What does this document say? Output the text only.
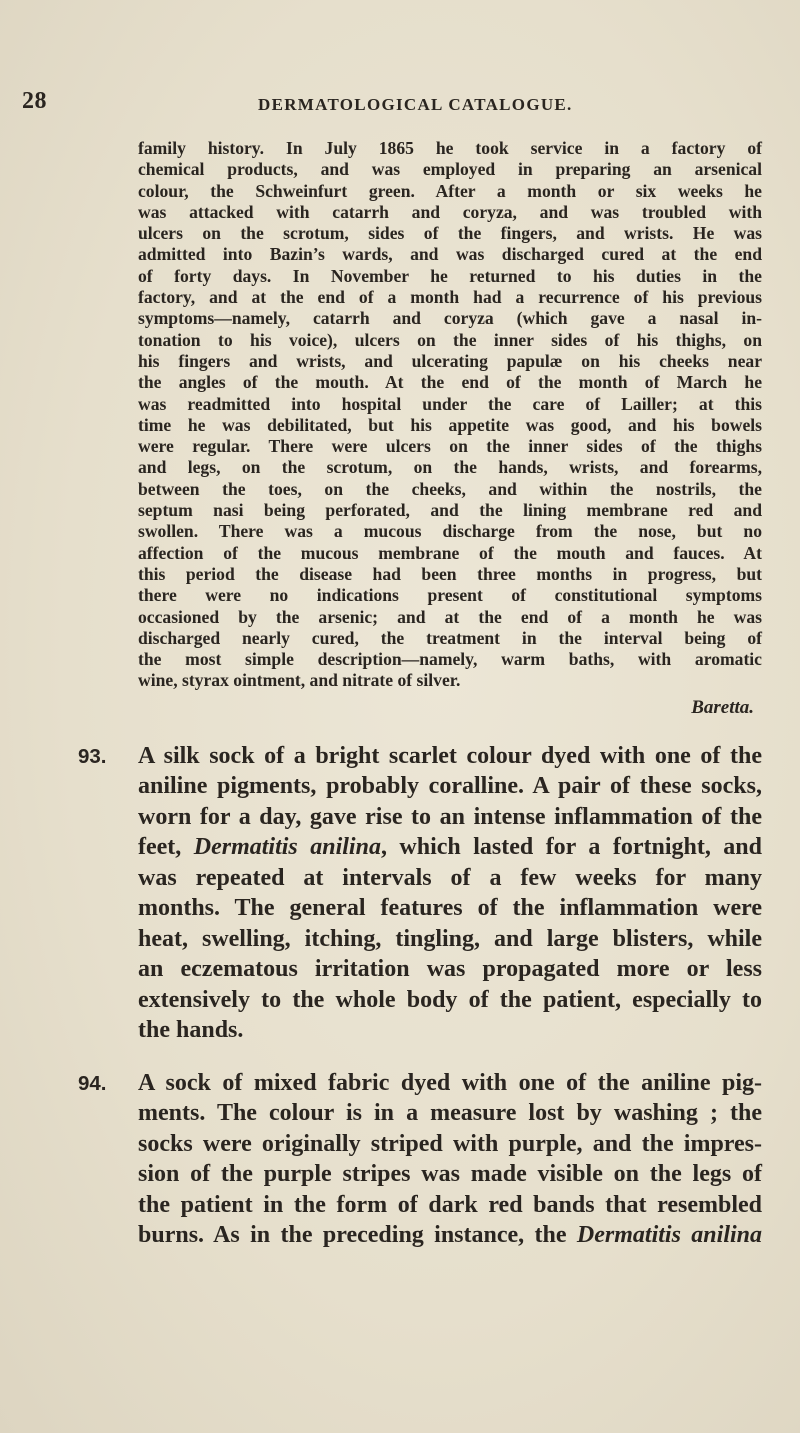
28	DERMATOLOGICAL CATALOGUE.

family history. In July 1865 he took service in a factory of
chemical products, and was employed in preparing an arsenical
colour, the Schweinfurt green. After a month or six weeks he
was attacked with catarrh and coryza, and was troubled with
ulcers on the scrotum, sides of the fingers, and wrists. He was
admitted into Bazin’s wards, and was discharged cured at the end
of forty days. In November he returned to his duties in the
factory, and at the end of a month had a recurrence of his previous
symptoms—namely, catarrh and coryza (which gave a nasal in-
tonation to his voice), ulcers on the inner sides of his thighs, on
his fingers and wrists, and ulcerating papulæ on his cheeks near
the angles of the mouth. At the end of the month of March he
was readmitted into hospital under the care of Lailler; at this
time he was debilitated, but his appetite was good, and his bowels
were regular. There were ulcers on the inner sides of the thighs
and legs, on the scrotum, on the hands, wrists, and forearms,
between the toes, on the cheeks, and within the nostrils, the
septum nasi being perforated, and the lining membrane red and
swollen. There was a mucous discharge from the nose, but no
affection of the mucous membrane of the mouth and fauces. At
this period the disease had been three months in progress, but
there were no indications present of constitutional symptoms
occasioned by the arsenic; and at the end of a month he was
discharged nearly cured, the treatment in the interval being of
the most simple description—namely, warm baths, with aromatic
wine, styrax ointment, and nitrate of silver.

Baretta.
93. A silk sock of a bright scarlet colour dyed with one of the
aniline pigments, probably coralline. A pair of these socks,
worn for a day, gave rise to an intense inflammation of the
feet, Dermatitis anilina, which lasted for a fortnight, and
was repeated at intervals of a few weeks for many
months. The general features of the inflammation were
heat, swelling, itching, tingling, and large blisters, while
an eczematous irritation was propagated more or less
extensively to the whole body of the patient, especially to
the hands.

94. A sock of mixed fabric dyed with one of the aniline pig-
ments. The colour is in a measure lost by washing ; the
socks were originally striped with purple, and the impres-
sion of the purple stripes was made visible on the legs of
the patient in the form of dark red bands that resembled
burns. As in the preceding instance, the Dermatitis anilina
